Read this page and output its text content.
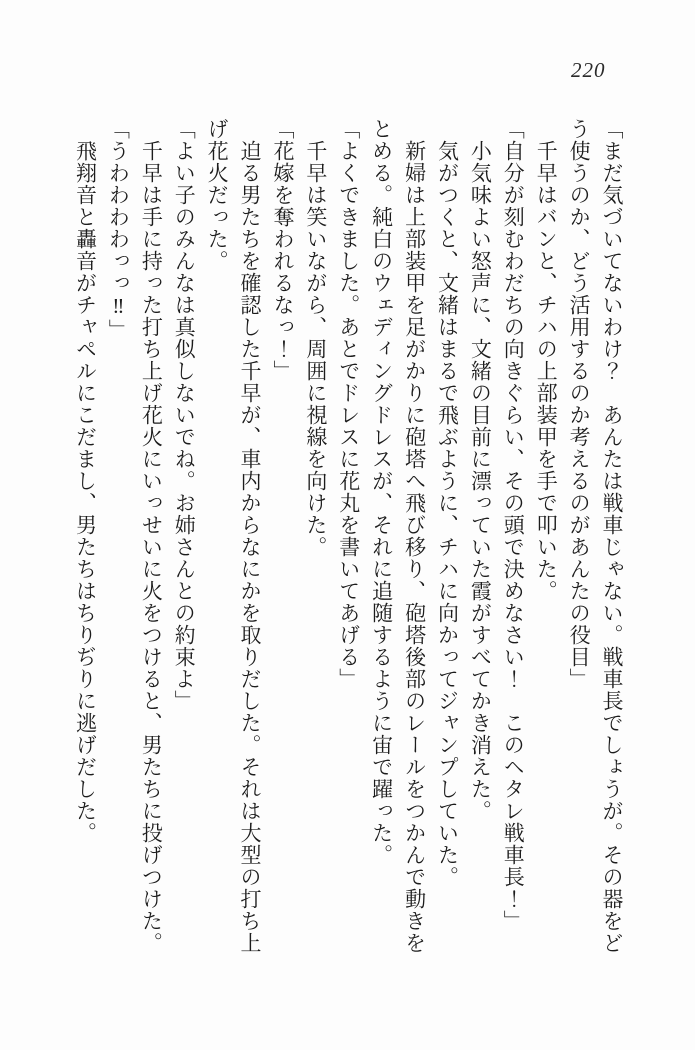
220
「まだ気づいてないわけ？　あんたは戦車じゃない。戦車長でしょうが。その器をど
う使うのか、どう活用するのか考えるのがあんたの役目」
　千早はバンと、チハの上部装甲を手で叩いた。
「自分が刻むわだちの向きぐらい、その頭で決めなさい！　このヘタレ戦車長！」
　小気味よい怒声に、文緒の目前に漂っていた霞がすべてかき消えた。
　気がつくと、文緒はまるで飛ぶように、チハに向かってジャンプしていた。
　新婦は上部装甲を足がかりに砲塔へ飛び移り、砲塔後部のレールをつかんで動きを
とめる。純白のウェディングドレスが、それに追随するように宙で躍った。
「よくできました。あとでドレスに花丸を書いてあげる」
　千早は笑いながら、周囲に視線を向けた。
「花嫁を奪われるなっ！」
　迫る男たちを確認した千早が、車内からなにかを取りだした。それは大型の打ち上
げ花火だった。
「よい子のみんなは真似しないでね。お姉さんとの約束よ」
　千早は手に持った打ち上げ花火にいっせいに火をつけると、男たちに投げつけた。
「うわわわわっっ‼」
　飛翔音と轟音がチャペルにこだまし、男たちはちりぢりに逃げだした。
